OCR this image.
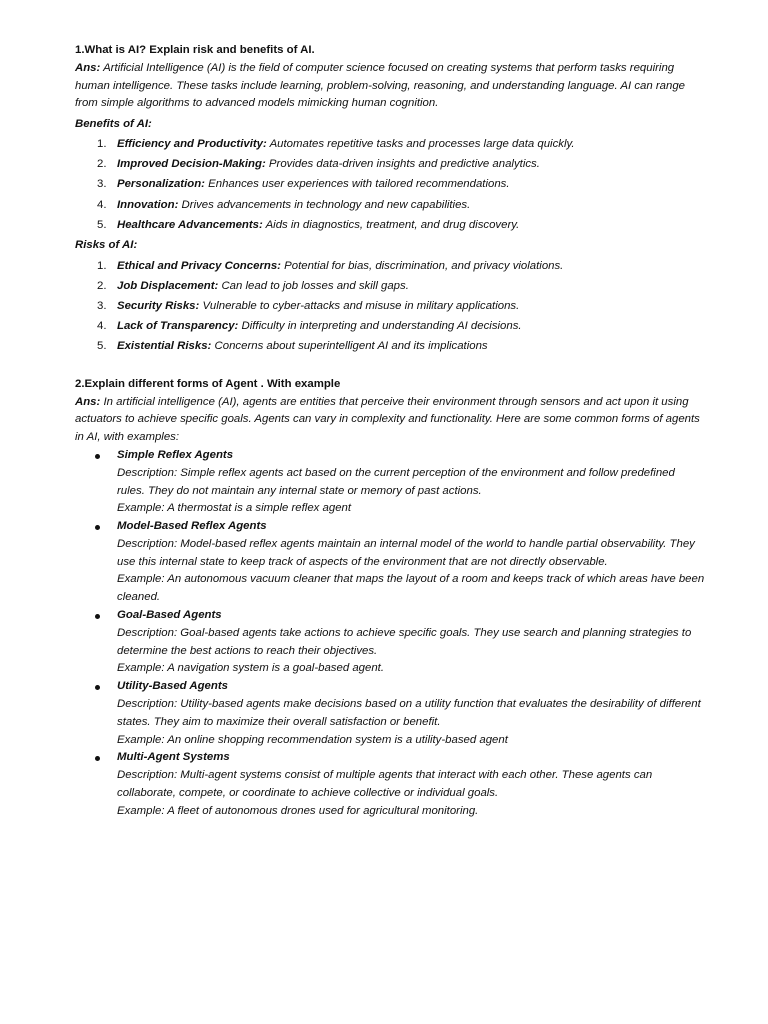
1.What is AI? Explain risk and benefits of AI.

Ans: Artificial Intelligence (AI) is the field of computer science focused on creating systems that perform tasks requiring human intelligence. These tasks include learning, problem-solving, reasoning, and understanding language. AI can range from simple algorithms to advanced models mimicking human cognition.

Benefits of AI:

1. Efficiency and Productivity: Automates repetitive tasks and processes large data quickly.
2. Improved Decision-Making: Provides data-driven insights and predictive analytics.
3. Personalization: Enhances user experiences with tailored recommendations.
4. Innovation: Drives advancements in technology and new capabilities.
5. Healthcare Advancements: Aids in diagnostics, treatment, and drug discovery.

Risks of AI:

1. Ethical and Privacy Concerns: Potential for bias, discrimination, and privacy violations.
2. Job Displacement: Can lead to job losses and skill gaps.
3. Security Risks: Vulnerable to cyber-attacks and misuse in military applications.
4. Lack of Transparency: Difficulty in interpreting and understanding AI decisions.
5. Existential Risks: Concerns about superintelligent AI and its implications

2.Explain different forms of Agent . With example

Ans: In artificial intelligence (AI), agents are entities that perceive their environment through sensors and act upon it using actuators to achieve specific goals. Agents can vary in complexity and functionality. Here are some common forms of agents in AI, with examples:

Simple Reflex Agents
Description: Simple reflex agents act based on the current perception of the environment and follow predefined rules. They do not maintain any internal state or memory of past actions.
Example: A thermostat is a simple reflex agent
Model-Based Reflex Agents
Description: Model-based reflex agents maintain an internal model of the world to handle partial observability. They use this internal state to keep track of aspects of the environment that are not directly observable.
Example: An autonomous vacuum cleaner that maps the layout of a room and keeps track of which areas have been cleaned.
Goal-Based Agents
Description: Goal-based agents take actions to achieve specific goals. They use search and planning strategies to determine the best actions to reach their objectives.
Example: A navigation system is a goal-based agent.
Utility-Based Agents
Description: Utility-based agents make decisions based on a utility function that evaluates the desirability of different states. They aim to maximize their overall satisfaction or benefit.
Example: An online shopping recommendation system is a utility-based agent
Multi-Agent Systems
Description: Multi-agent systems consist of multiple agents that interact with each other. These agents can collaborate, compete, or coordinate to achieve collective or individual goals.
Example: A fleet of autonomous drones used for agricultural monitoring.
